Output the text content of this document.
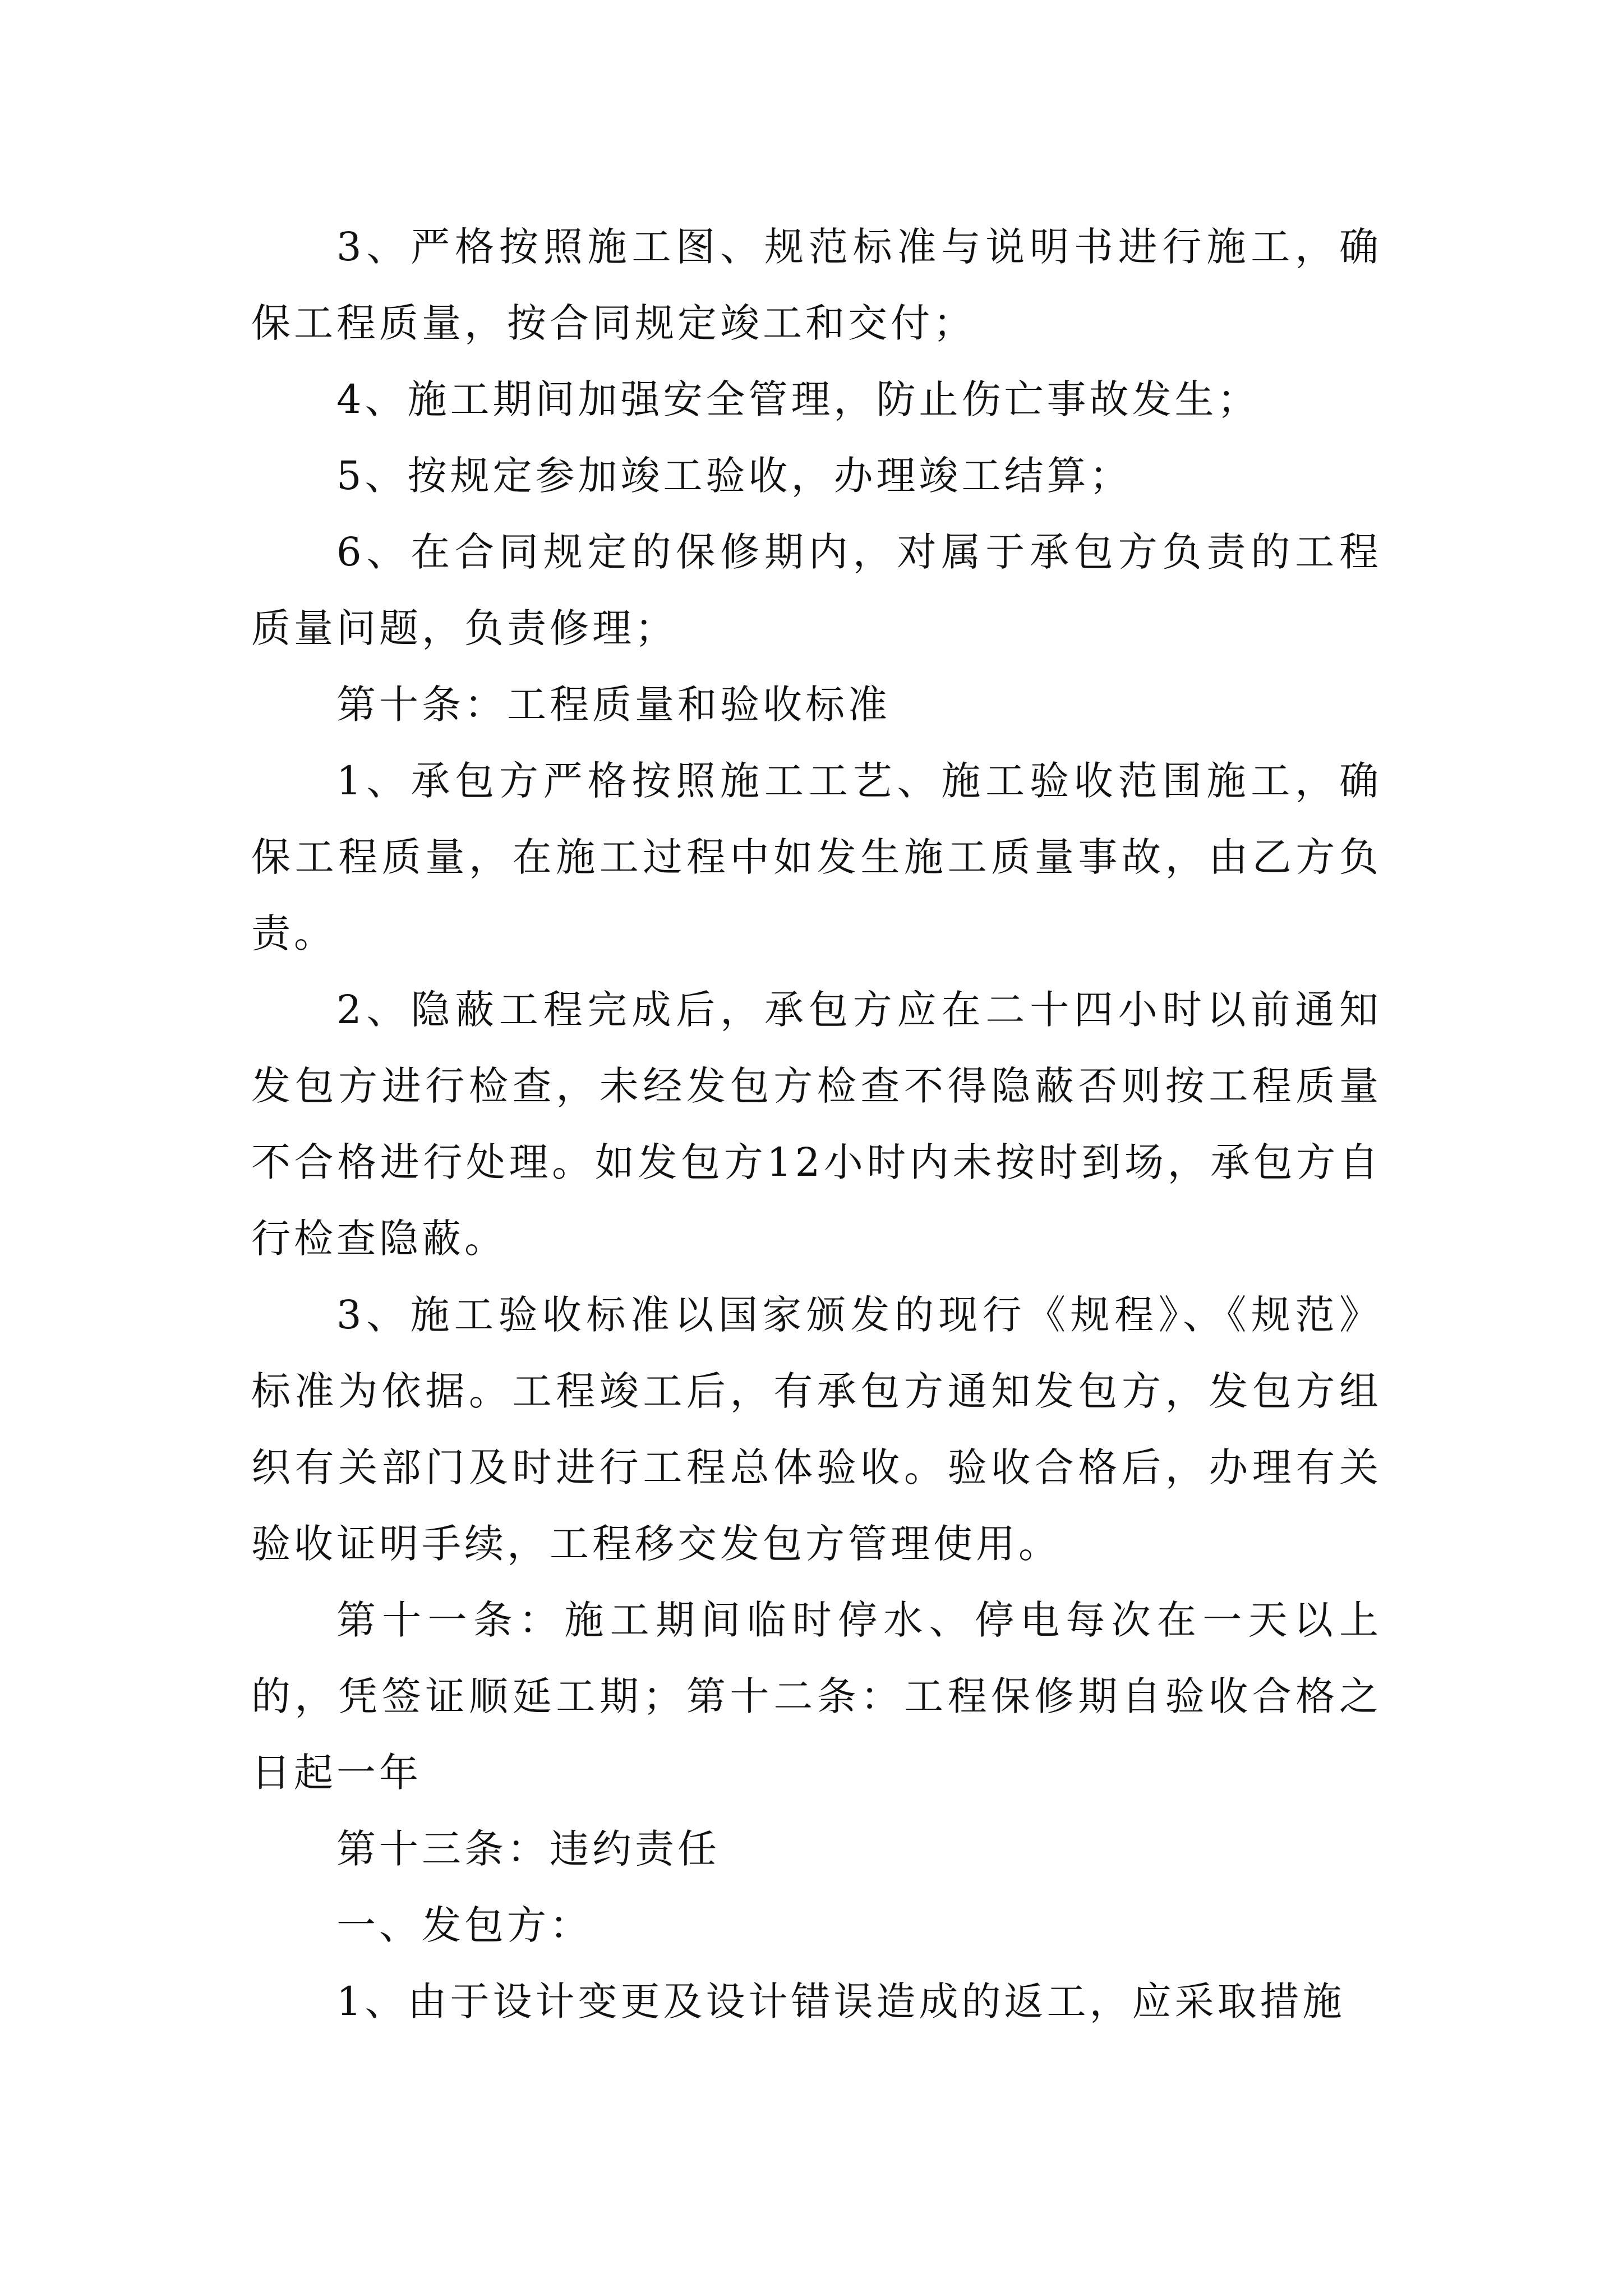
3、严格按照施工图、规范标准与说明书进行施工，确保工程质量，按合同规定竣工和交付；

4、施工期间加强安全管理，防止伤亡事故发生；

5、按规定参加竣工验收，办理竣工结算；

6、在合同规定的保修期内，对属于承包方负责的工程质量问题，负责修理；

第十条：工程质量和验收标准

1、承包方严格按照施工工艺、施工验收范围施工，确保工程质量，在施工过程中如发生施工质量事故，由乙方负责。

2、隐蔽工程完成后，承包方应在二十四小时以前通知发包方进行检查，未经发包方检查不得隐蔽否则按工程质量不合格进行处理。如发包方12小时内未按时到场，承包方自行检查隐蔽。

3、施工验收标准以国家颁发的现行《规程》、《规范》标准为依据。工程竣工后，有承包方通知发包方，发包方组织有关部门及时进行工程总体验收。验收合格后，办理有关验收证明手续，工程移交发包方管理使用。

第十一条：施工期间临时停水、停电每次在一天以上的，凭签证顺延工期；第十二条：工程保修期自验收合格之日起一年

第十三条：违约责任

一、发包方：

1、由于设计变更及设计错误造成的返工，应采取措施
